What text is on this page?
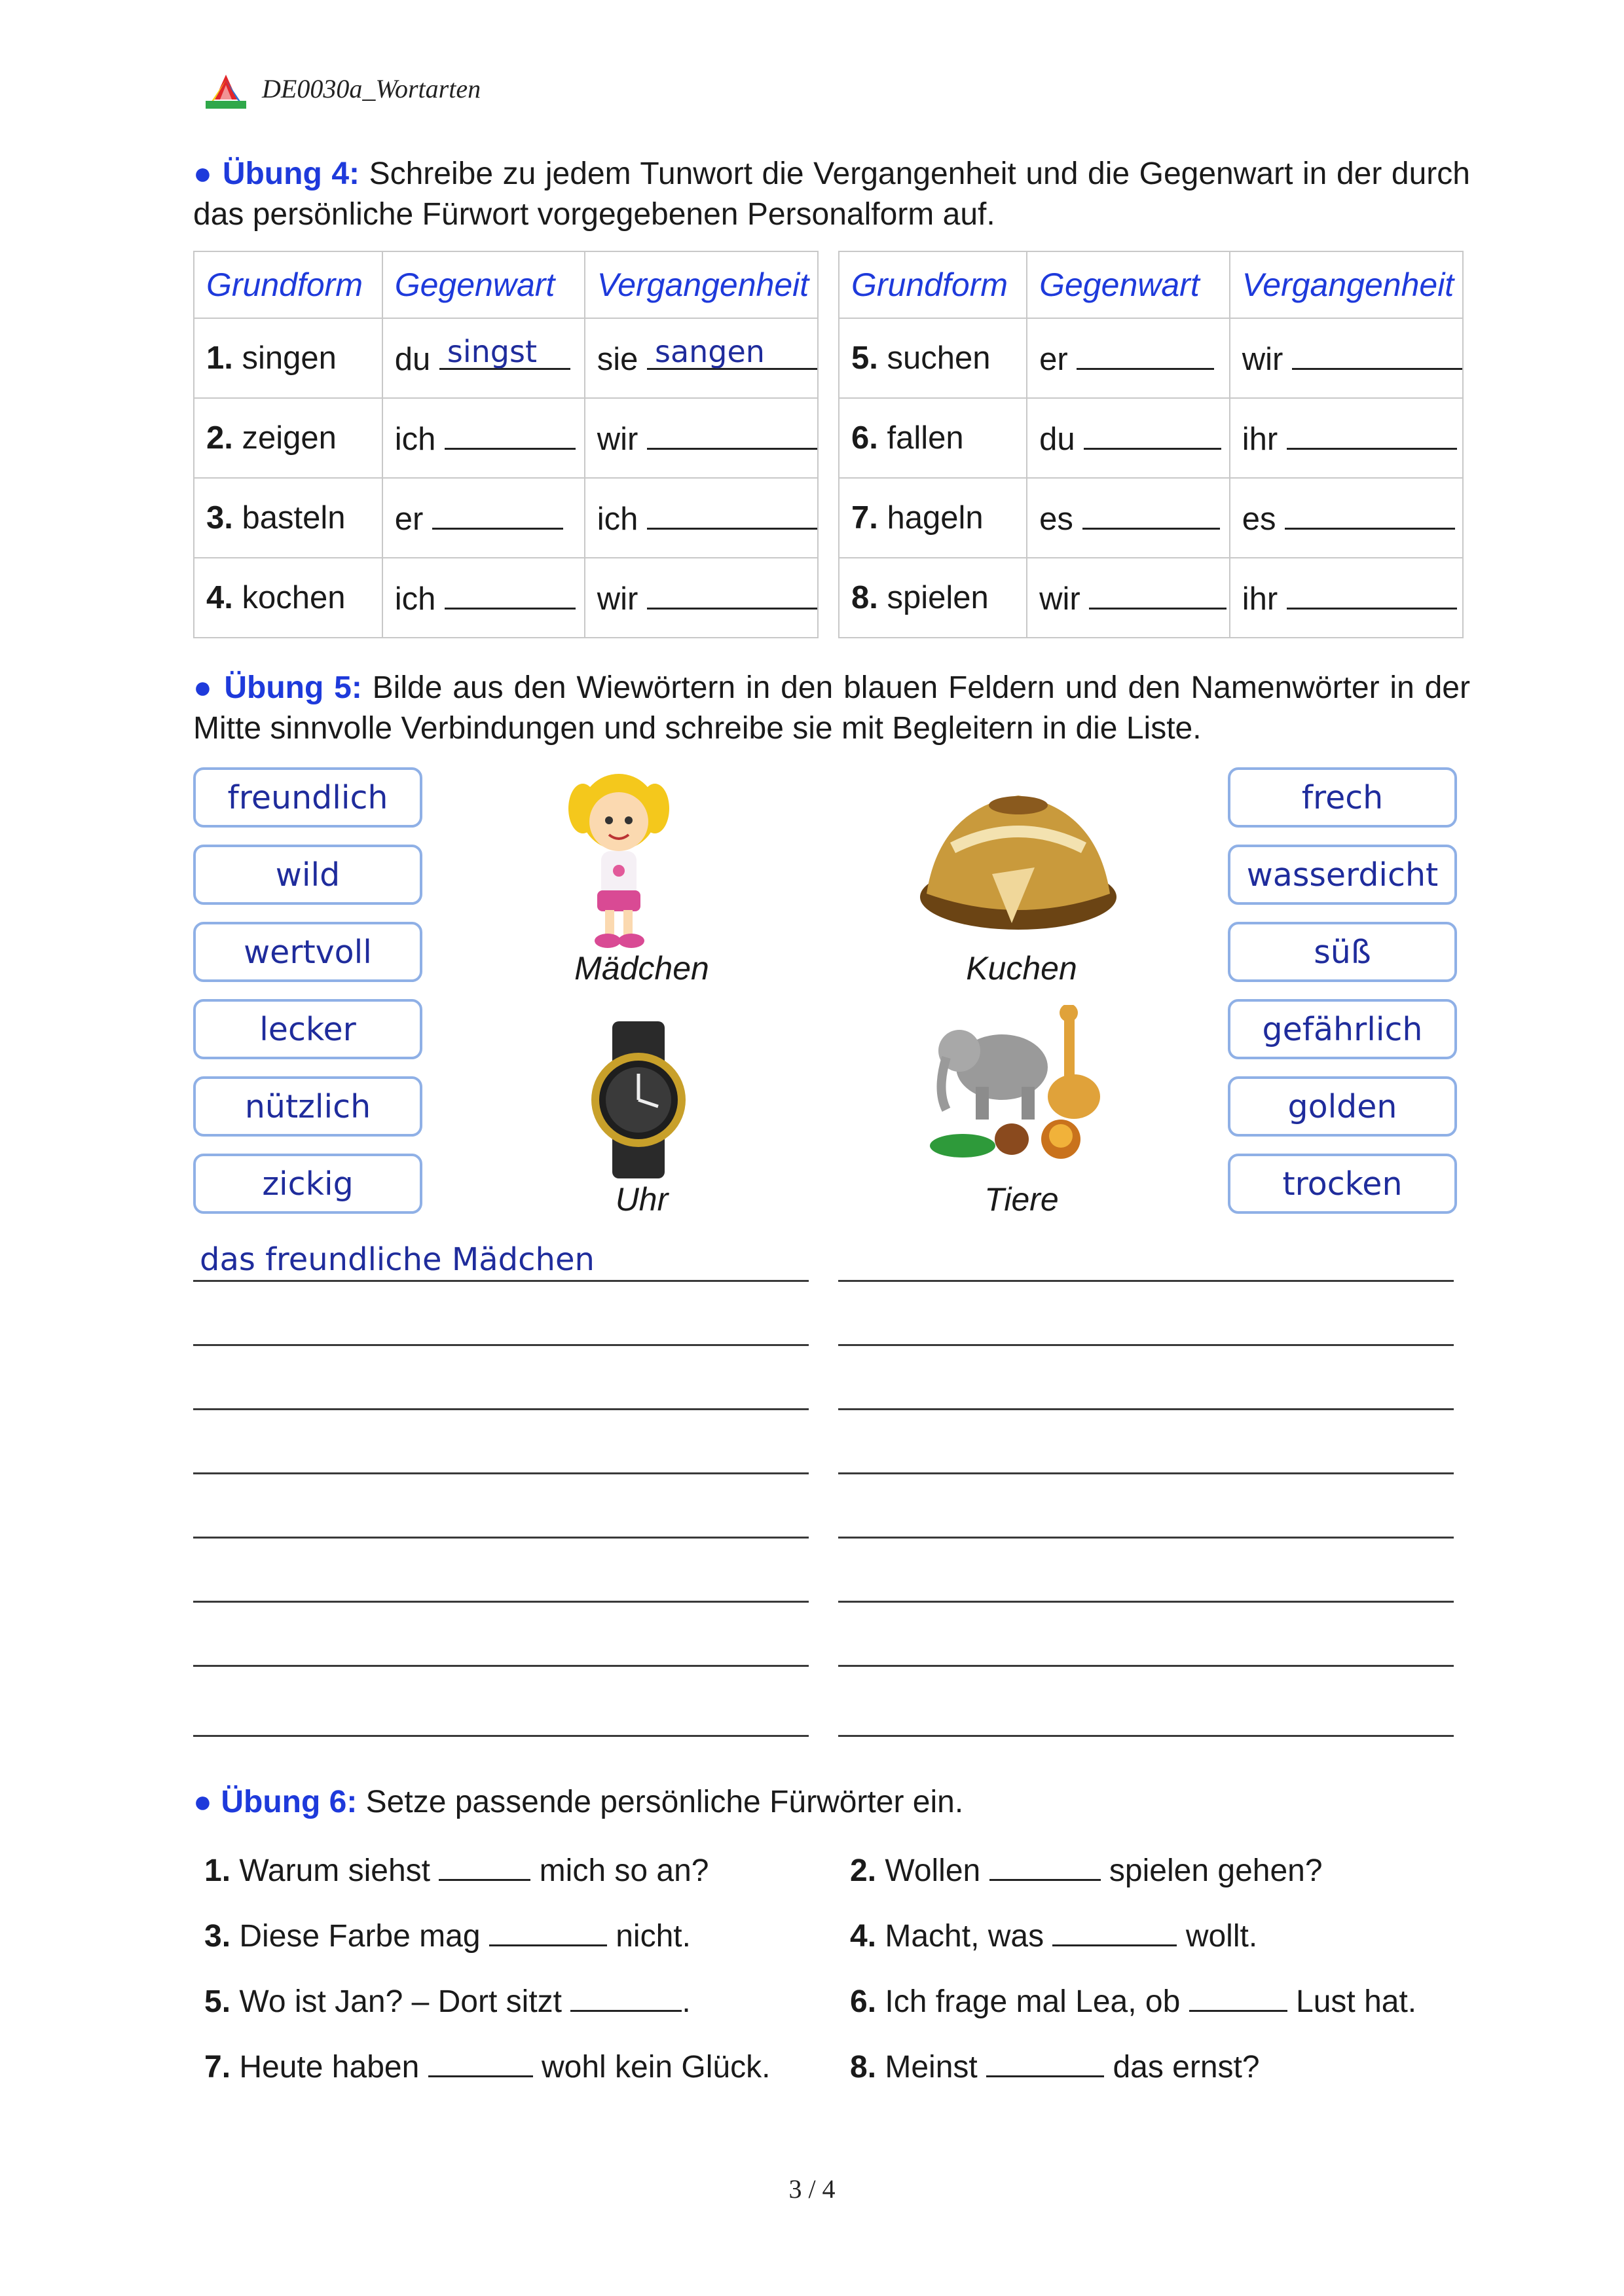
DE0030a_Wortarten
● Übung 4: Schreibe zu jedem Tunwort die Vergangenheit und die Gegenwart in der durch das persönliche Fürwort vorgegebenen Personalform auf.
Grundform	Gegenwart	Vergangenheit
1. singen	du singst	sie sangen

2. zeigen	ich	wir
3. basteln	er	ich
4. kochen	ich	wir
Grundform	Gegenwart	Vergangenheit
5. suchen	er	wir
6. fallen	du	ihr
7. hageln	es	es
8. spielen	wir	ihr
● Übung 5: Bilde aus den Wiewörtern in den blauen Feldern und den Namenwörter in der Mitte sinnvolle Verbindungen und schreibe sie mit Begleitern in die Liste.
freundlich
wild
wertvoll
lecker
nützlich
zickig
frech
wasserdicht
süß
gefährlich
golden
trocken
Mädchen	Kuchen
Uhr	Tiere
das freundliche Mädchen
● Übung 6: Setze passende persönliche Fürwörter ein.
1. Warum siehst	mich so an?	2. Wollen	spielen gehen?
3. Diese Farbe mag	nicht.	4. Macht, was	wollt.
5. Wo ist Jan? – Dort sitzt	.	6. Ich frage mal Lea, ob	Lust hat.
7. Heute haben	wohl kein Glück.	8. Meinst	das ernst?
3 / 4
